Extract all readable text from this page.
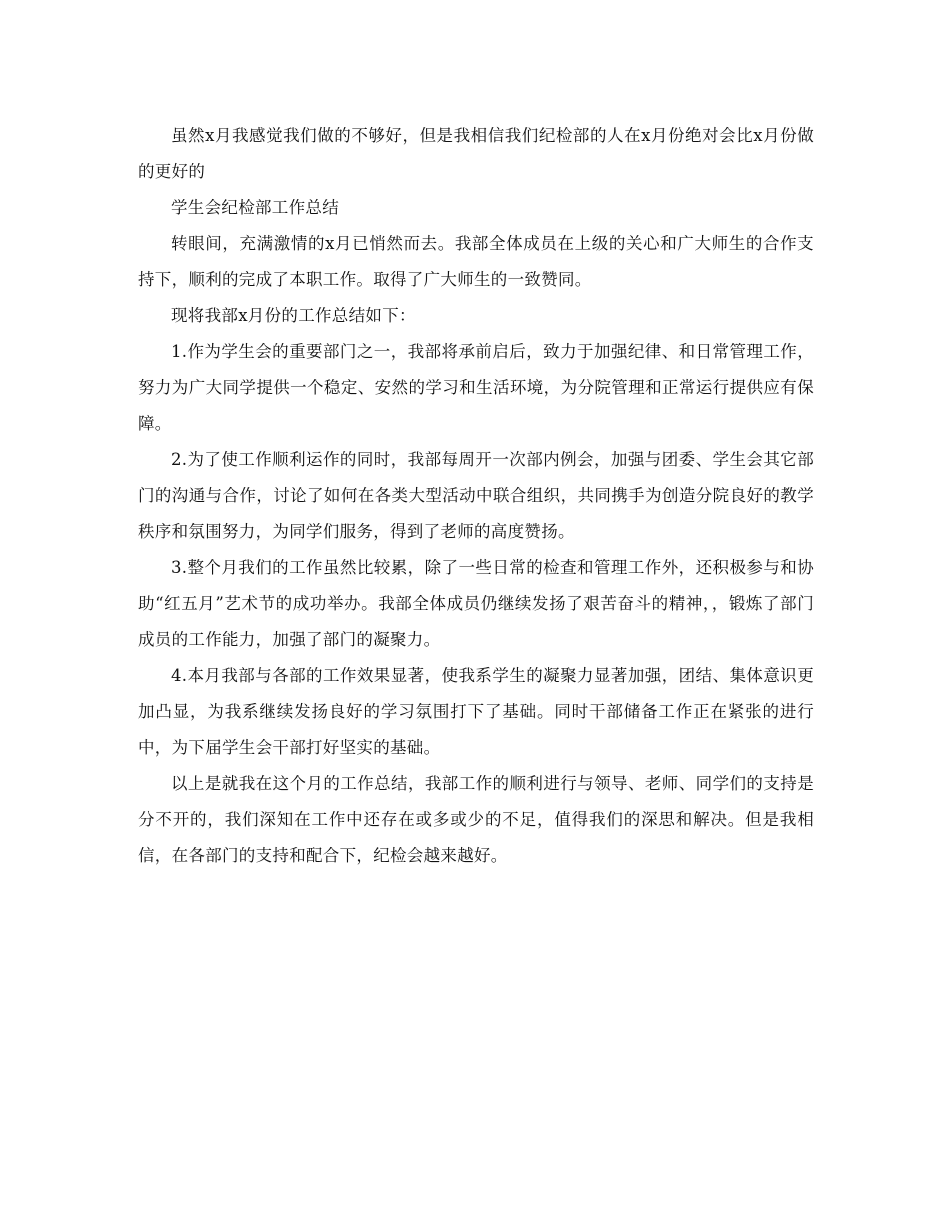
虽然x月我感觉我们做的不够好，但是我相信我们纪检部的人在x月份绝对会比x月份做的更好的

学生会纪检部工作总结

转眼间，充满激情的x月已悄然而去。我部全体成员在上级的关心和广大师生的合作支持下，顺利的完成了本职工作。取得了广大师生的一致赞同。

现将我部x月份的工作总结如下：

1.作为学生会的重要部门之一，我部将承前启后，致力于加强纪律、和日常管理工作，努力为广大同学提供一个稳定、安然的学习和生活环境，为分院管理和正常运行提供应有保障。

2.为了使工作顺利运作的同时，我部每周开一次部内例会，加强与团委、学生会其它部门的沟通与合作，讨论了如何在各类大型活动中联合组织，共同携手为创造分院良好的教学秩序和氛围努力，为同学们服务，得到了老师的高度赞扬。

3.整个月我们的工作虽然比较累，除了一些日常的检查和管理工作外，还积极参与和协助“红五月”艺术节的成功举办。我部全体成员仍继续发扬了艰苦奋斗的精神，，锻炼了部门成员的工作能力，加强了部门的凝聚力。

4.本月我部与各部的工作效果显著，使我系学生的凝聚力显著加强，团结、集体意识更加凸显，为我系继续发扬良好的学习氛围打下了基础。同时干部储备工作正在紧张的进行中，为下届学生会干部打好坚实的基础。

以上是就我在这个月的工作总结，我部工作的顺利进行与领导、老师、同学们的支持是分不开的，我们深知在工作中还存在或多或少的不足，值得我们的深思和解决。但是我相信，在各部门的支持和配合下，纪检会越来越好。
